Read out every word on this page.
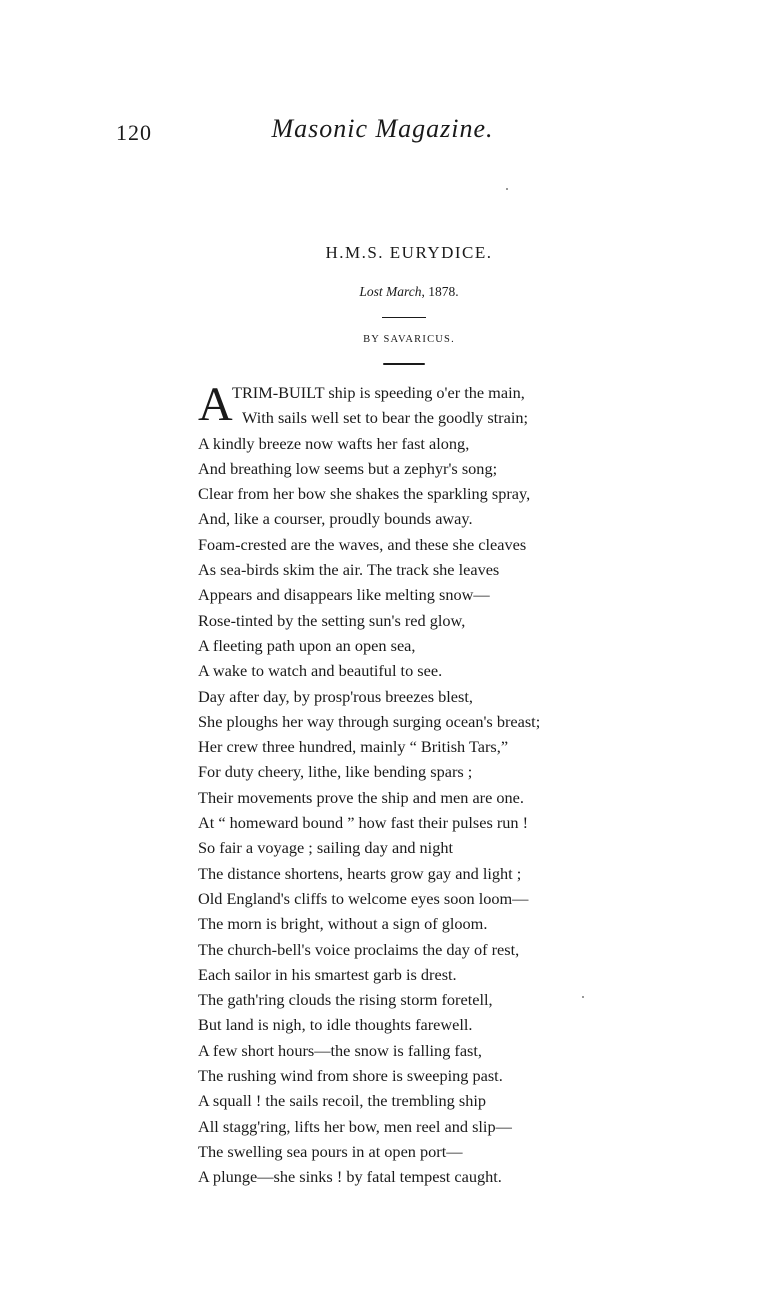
120	Masonic Magazine.
H.M.S. EURYDICE.
Lost March, 1878.
BY SAVARICUS.
A TRIM-BUILT ship is speeding o'er the main,
With sails well set to bear the goodly strain;
A kindly breeze now wafts her fast along,
And breathing low seems but a zephyr's song;
Clear from her bow she shakes the sparkling spray,
And, like a courser, proudly bounds away.
Foam-crested are the waves, and these she cleaves
As sea-birds skim the air. The track she leaves
Appears and disappears like melting snow—
Rose-tinted by the setting sun's red glow,
A fleeting path upon an open sea,
A wake to watch and beautiful to see.
Day after day, by prosp'rous breezes blest,
She ploughs her way through surging ocean's breast;
Her crew three hundred, mainly “ British Tars,”
For duty cheery, lithe, like bending spars ;
Their movements prove the ship and men are one.
At “ homeward bound ” how fast their pulses run !
So fair a voyage ; sailing day and night
The distance shortens, hearts grow gay and light ;
Old England's cliffs to welcome eyes soon loom—
The morn is bright, without a sign of gloom.
The church-bell's voice proclaims the day of rest,
Each sailor in his smartest garb is drest.
The gath'ring clouds the rising storm foretell,
But land is nigh, to idle thoughts farewell.
A few short hours—the snow is falling fast,
The rushing wind from shore is sweeping past.
A squall ! the sails recoil, the trembling ship
All stagg'ring, lifts her bow, men reel and slip—
The swelling sea pours in at open port—
A plunge—she sinks ! by fatal tempest caught.
